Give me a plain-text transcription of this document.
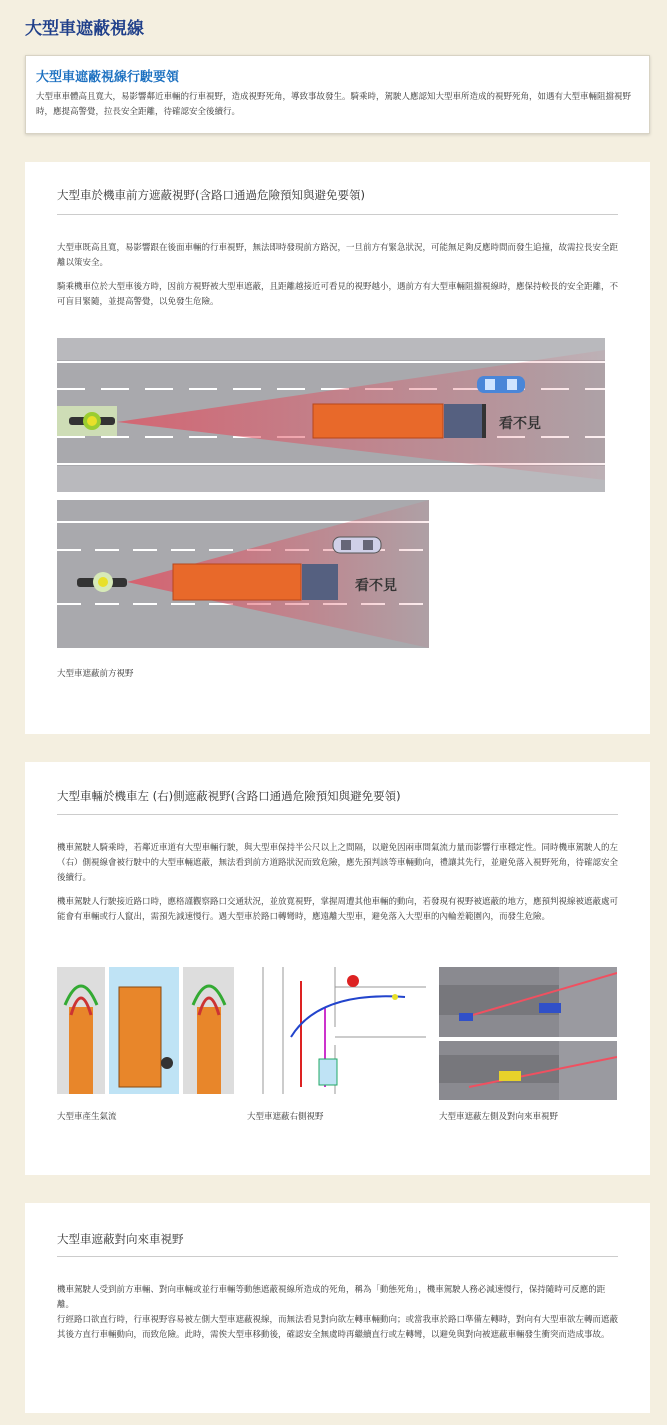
大型車遮蔽視線
大型車遮蔽視線行駛要領
大型車車體高且寬大，易影響鄰近車輛的行車視野，造成視野死角，導致事故發生。騎乘時，駕駛人應認知大型車所造成的視野死角，如遇有大型車輛阻擋視野時，應提高警覺，拉長安全距離，待確認安全後續行。
大型車於機車前方遮蔽視野(含路口通過危險預知與避免要領)
大型車既高且寬，易影響跟在後面車輛的行車視野，無法即時發現前方路況，一旦前方有緊急狀況，可能無足夠反應時間而發生追撞，故需拉長安全距離以策安全。
騎乘機車位於大型車後方時，因前方視野被大型車遮蔽，且距離越接近可看見的視野越小，遇前方有大型車輛阻擋視線時，應保持較長的安全距離，不可盲目緊隨，並提高警覺，以免發生危險。
看不見
看不見
大型車遮蔽前方視野
大型車輛於機車左 (右)側遮蔽視野(含路口通過危險預知與避免要領)
機車駕駛人騎乘時，若鄰近車道有大型車輛行駛，與大型車保持半公尺以上之間隔，以避免因兩車間氣流力量而影響行車穩定性。同時機車駕駛人的左（右）側視線會被行駛中的大型車輛遮蔽，無法看到前方道路狀況而致危險，應先預判該等車輛動向，禮讓其先行，並避免落入視野死角，待確認安全後續行。
機車駕駛人行駛接近路口時，應格謹觀察路口交通狀況，並放寬視野，掌握周遭其他車輛的動向，若發現有視野被遮蔽的地方，應預判視線被遮蔽處可能會有車輛或行人竄出，需預先減速慢行。遇大型車於路口轉彎時，應遠離大型車，避免落入大型車的內輪差範圍內，而發生危險。
大型車產生氣流	大型車遮蔽右側視野	大型車遮蔽左側及對向來車視野
大型車遮蔽對向來車視野
機車駕駛人受到前方車輛、對向車輛或並行車輛等動態遮蔽視線所造成的死角，稱為「動態死角」，機車駕駛人務必減速慢行，保持隨時可反應的距離。
行經路口欲直行時，行車視野容易被左側大型車遮蔽視線，而無法看見對向欲左轉車輛動向；或當我車於路口準備左轉時，對向有大型車欲左轉而遮蔽其後方直行車輛動向，而致危險。此時，需俟大型車移動後，確認安全無虞時再繼續直行或左轉彎，以避免與對向被遮蔽車輛發生衝突而造成事故。
